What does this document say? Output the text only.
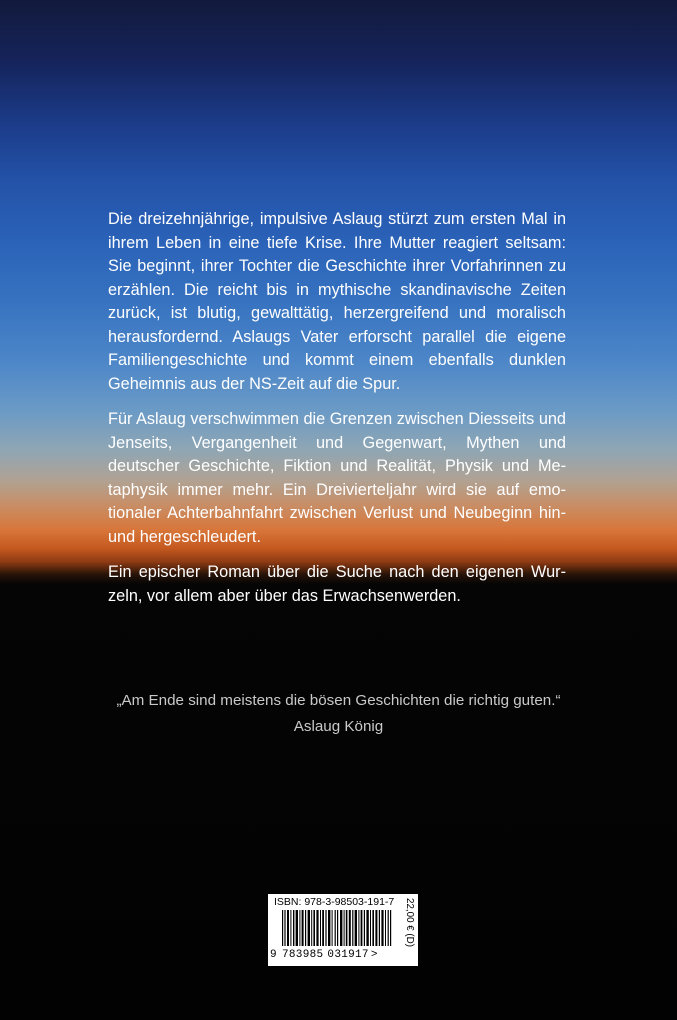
Die dreizehnjährige, impulsive Aslaug stürzt zum ersten Mal in ihrem Leben in eine tiefe Krise. Ihre Mutter reagiert seltsam: Sie beginnt, ihrer Tochter die Geschichte ihrer Vorfahrinnen zu erzählen. Die reicht bis in mythische skandinavische Zeiten zurück, ist blutig, gewalttätig, herzergreifend und moralisch herausfordernd. Aslaugs Vater erforscht parallel die eigene Familiengeschichte und kommt einem ebenfalls dunklen Geheimnis aus der NS-Zeit auf die Spur.

Für Aslaug verschwimmen die Grenzen zwischen Diesseits und Jenseits, Vergangenheit und Gegenwart, Mythen und deutscher Geschichte, Fiktion und Realität, Physik und Metaphysik immer mehr. Ein Dreivierteljahr wird sie auf emotionaler Achterbahnfahrt zwischen Verlust und Neubeginn hin- und hergeschleudert.

Ein epischer Roman über die Suche nach den eigenen Wurzeln, vor allem aber über das Erwachsenwerden.

„Am Ende sind meistens die bösen Geschichten die richtig guten.“
Aslaug König
ISBN: 978-3-98503-191-7
9 783985 031917 >
22,00 € (D)
